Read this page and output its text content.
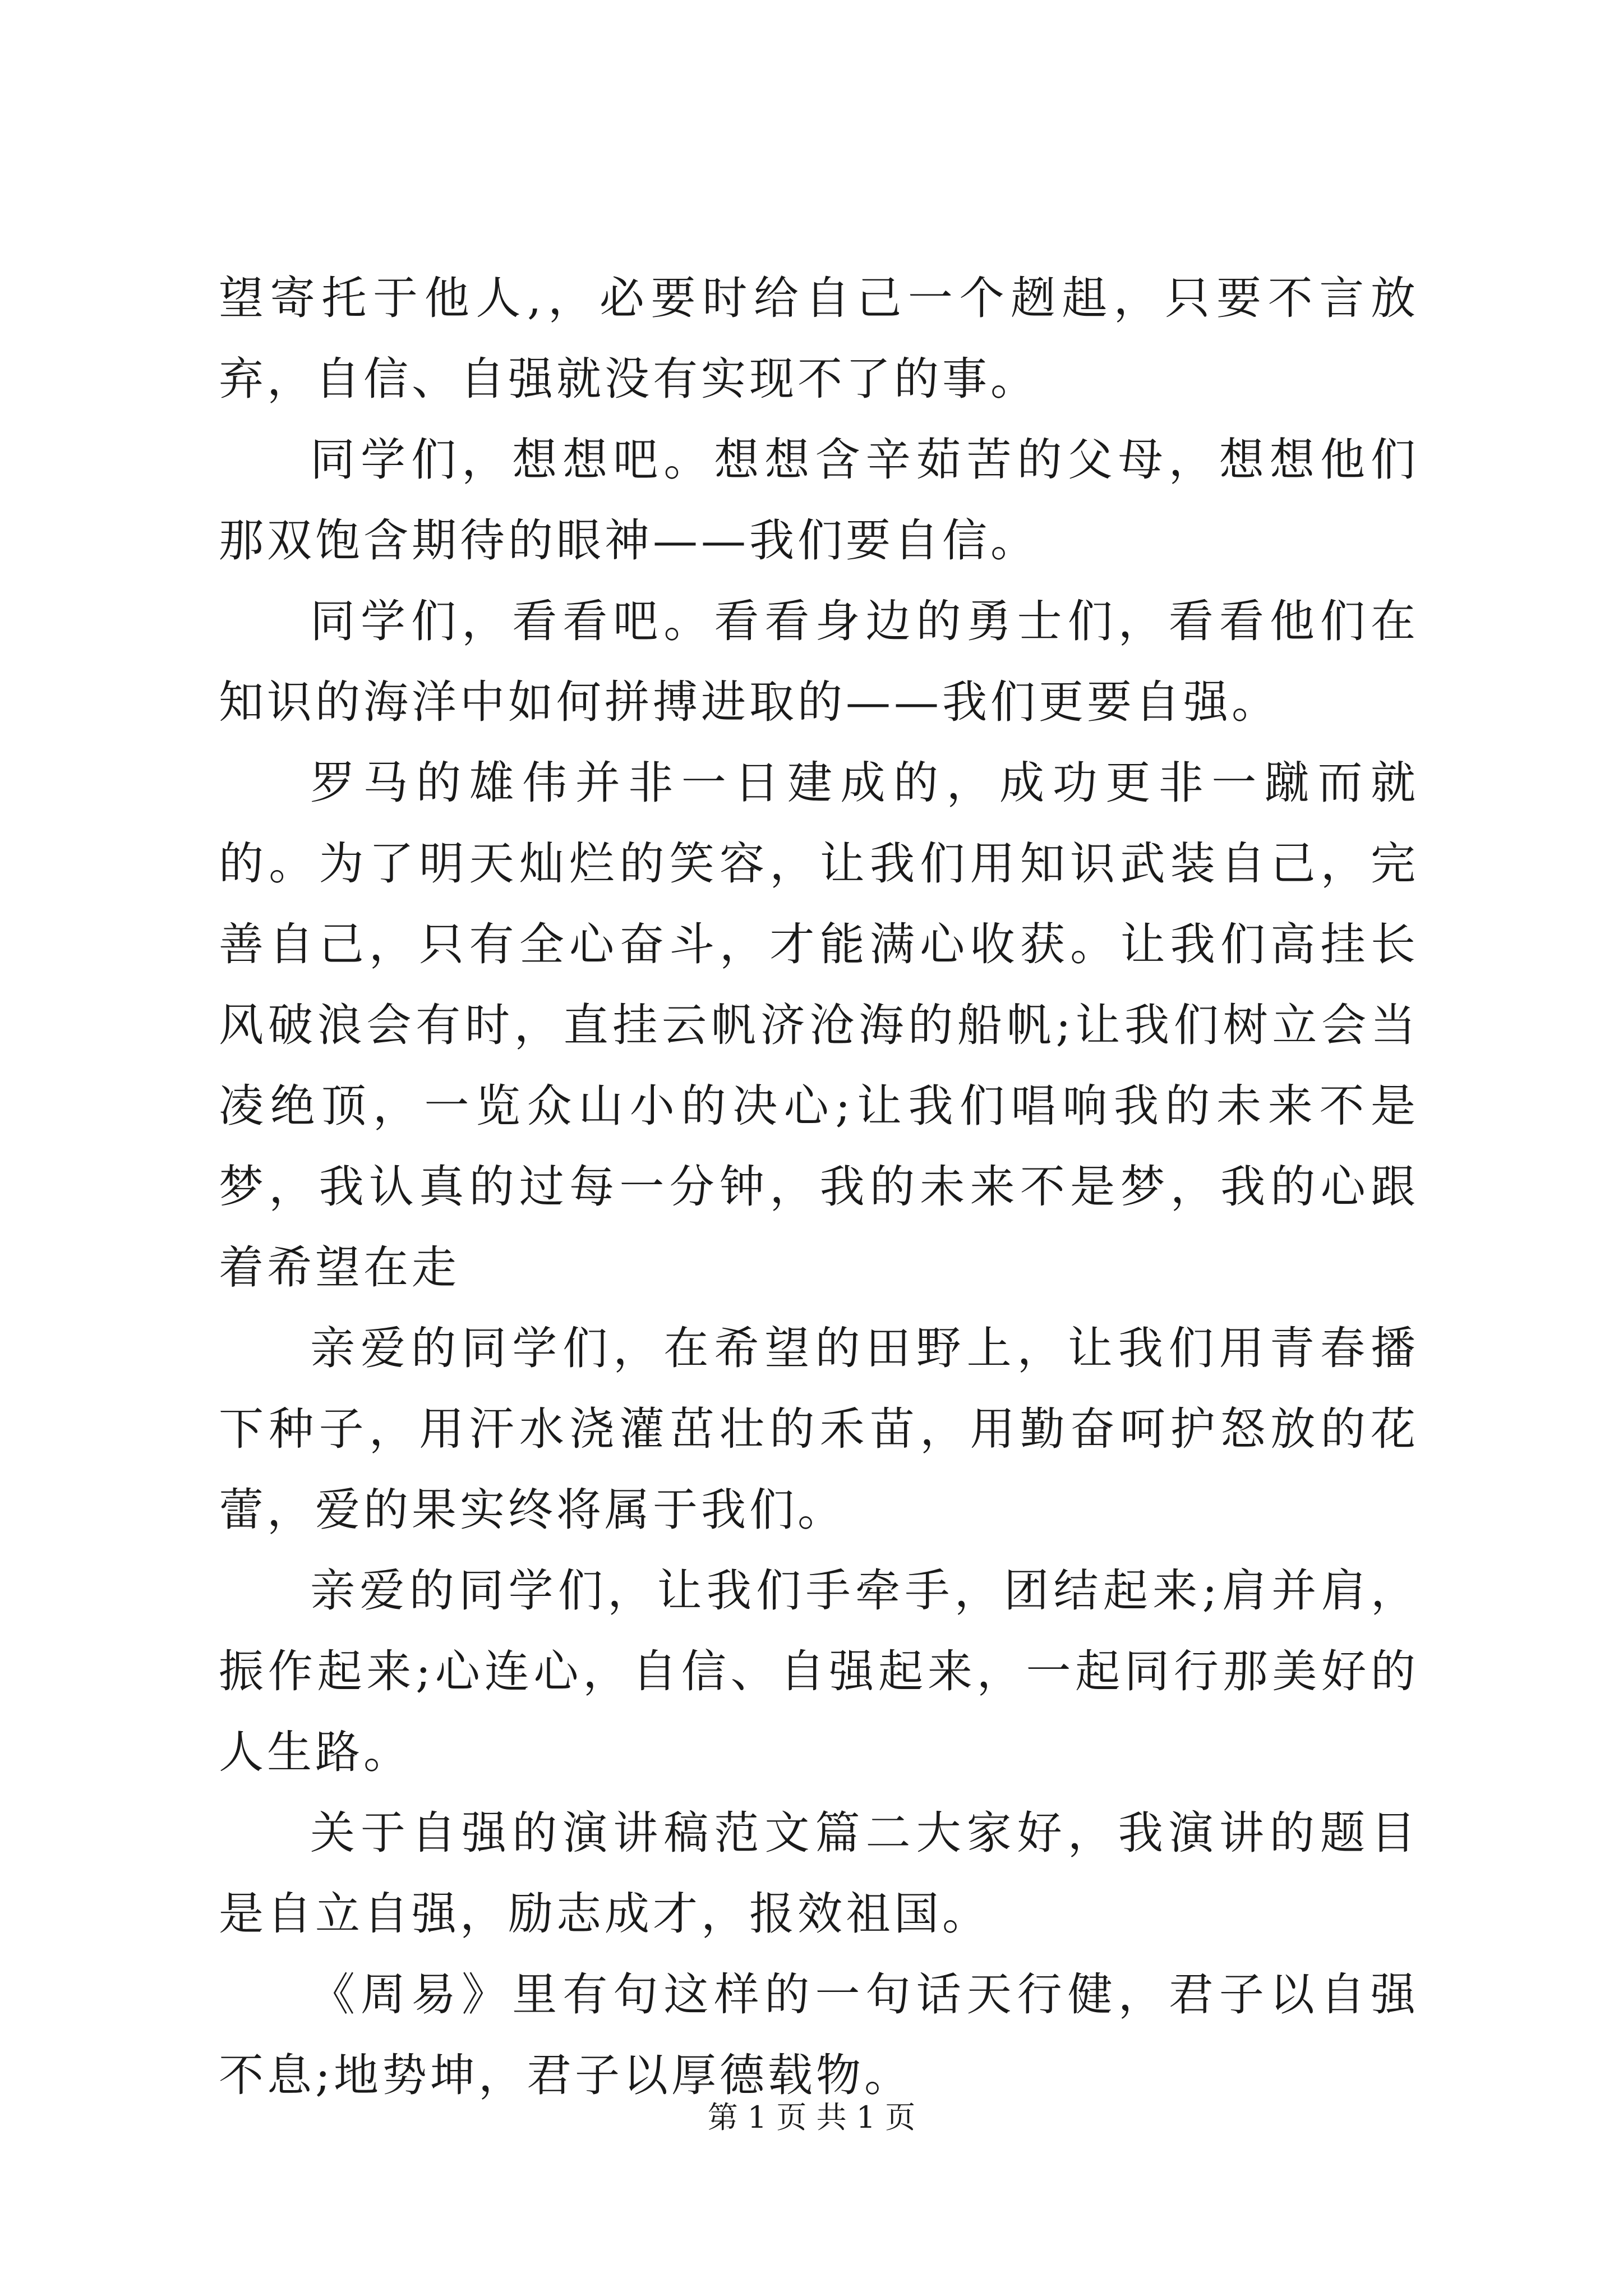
望寄托于他人,，必要时给自己一个趔趄，只要不言放弃，自信、自强就没有实现不了的事。

同学们，想想吧。想想含辛茹苦的父母，想想他们那双饱含期待的眼神——我们要自信。

同学们，看看吧。看看身边的勇士们，看看他们在知识的海洋中如何拼搏进取的——我们更要自强。

罗马的雄伟并非一日建成的，成功更非一蹴而就的。为了明天灿烂的笑容，让我们用知识武装自己，完善自己，只有全心奋斗，才能满心收获。让我们高挂长风破浪会有时，直挂云帆济沧海的船帆;让我们树立会当凌绝顶，一览众山小的决心;让我们唱响我的未来不是梦，我认真的过每一分钟，我的未来不是梦，我的心跟着希望在走

亲爱的同学们，在希望的田野上，让我们用青春播下种子，用汗水浇灌茁壮的禾苗，用勤奋呵护怒放的花蕾，爱的果实终将属于我们。

亲爱的同学们，让我们手牵手，团结起来;肩并肩，振作起来;心连心，自信、自强起来，一起同行那美好的人生路。

关于自强的演讲稿范文篇二大家好，我演讲的题目是自立自强，励志成才，报效祖国。

《周易》里有句这样的一句话天行健，君子以自强不息;地势坤，君子以厚德载物。

第 1 页 共 1 页
